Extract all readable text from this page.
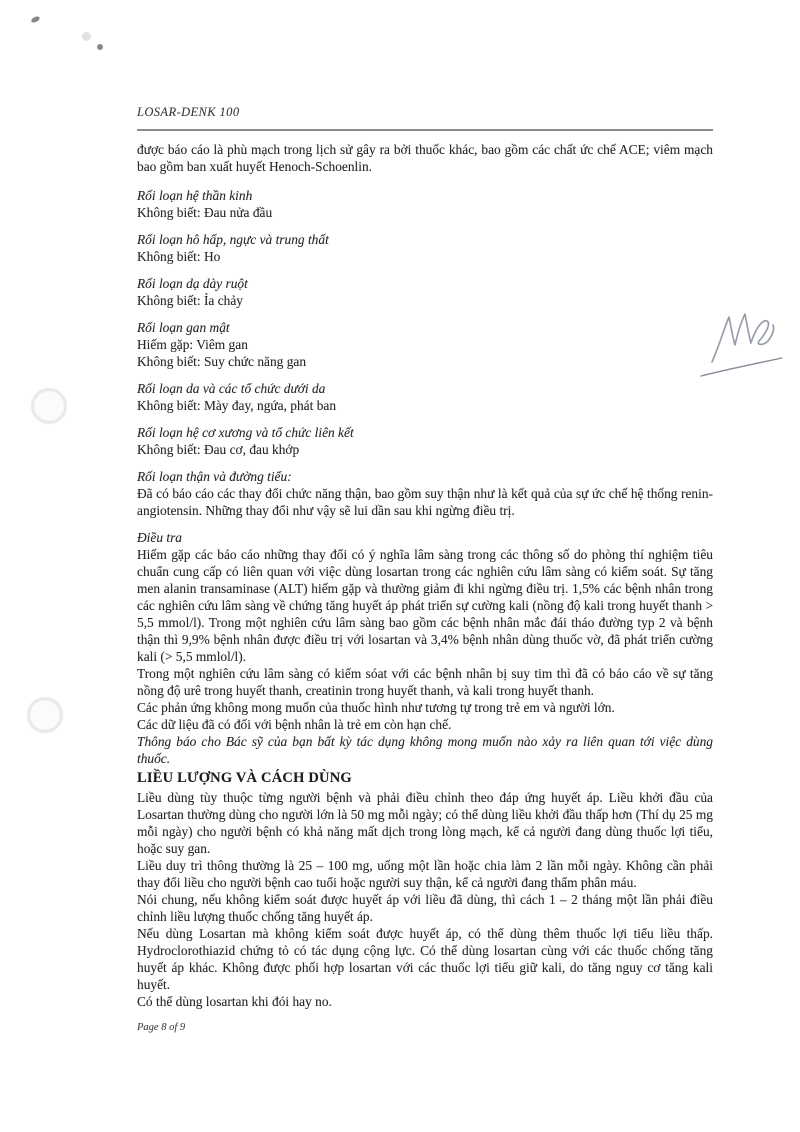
LOSAR-DENK 100

được báo cáo là phù mạch trong lịch sử gây ra bởi thuốc khác, bao gồm các chất ức chế ACE; viêm mạch bao gồm ban xuất huyết Henoch-Schoenlin.

Rối loạn hệ thần kinh
Không biết: Đau nửa đầu
Rối loạn hô hấp, ngực và trung thất
Không biết: Ho
Rối loạn dạ dày ruột
Không biết: Ỉa chảy
Rối loạn gan mật
Hiếm gặp: Viêm gan
Không biết: Suy chức năng gan
Rối loạn da và các tổ chức dưới da
Không biết: Mày đay, ngứa, phát ban
Rối loạn hệ cơ xương và tổ chức liên kết
Không biết: Đau cơ, đau khớp
Rối loạn thận và đường tiểu:

Đã có báo cáo các thay đổi chức năng thận, bao gồm suy thận như là kết quả của sự ức chế hệ thống renin-angiotensin. Những thay đổi như vậy sẽ lui dần sau khi ngừng điều trị.

Điều tra

Hiếm gặp các báo cáo những thay đổi có ý nghĩa lâm sàng trong các thông số do phòng thí nghiệm tiêu chuẩn cung cấp có liên quan với việc dùng losartan trong các nghiên cứu lâm sàng có kiểm soát. Sự tăng men alanin transaminase (ALT) hiếm gặp và thường giảm đi khi ngừng điều trị. 1,5% các bệnh nhân trong các nghiên cứu lâm sàng về chứng tăng huyết áp phát triển sự cường kali (nồng độ kali trong huyết thanh > 5,5 mmol/l). Trong một nghiên cứu lâm sàng bao gồm các bệnh nhân mắc đái tháo đường typ 2 và bệnh thận thì 9,9% bệnh nhân được điều trị với losartan và 3,4% bệnh nhân dùng thuốc vờ, đã phát triển cường kali (> 5,5 mmlol/l).

Trong một nghiên cứu lâm sàng có kiểm sóat với các bệnh nhân bị suy tim thì đã có báo cáo về sự tăng nồng độ urê trong huyết thanh, creatinin trong huyết thanh, và kali trong huyết thanh.

Các phản ứng không mong muốn của thuốc hình như tương tự trong trẻ em và người lớn.

Các dữ liệu đã có đối với bệnh nhân là trẻ em còn hạn chế.

Thông báo cho Bác sỹ của bạn bất kỳ tác dụng không mong muốn nào xảy ra liên quan tới việc dùng thuốc.

LIỀU LƯỢNG VÀ CÁCH DÙNG

Liều dùng tùy thuộc từng người bệnh và phải điều chỉnh theo đáp ứng huyết áp. Liều khởi đầu của Losartan thường dùng cho người lớn là 50 mg mỗi ngày; có thể dùng liều khởi đầu thấp hơn (Thí dụ 25 mg mỗi ngày) cho người bệnh có khả năng mất dịch trong lòng mạch, kể cả người đang dùng thuốc lợi tiểu, hoặc suy gan.

Liều duy trì thông thường là 25 – 100 mg, uống một lần hoặc chia làm 2 lần mỗi ngày. Không cần phải thay đổi liều cho người bệnh cao tuổi hoặc người suy thận, kể cả người đang thẩm phân máu.

Nói chung, nếu không kiểm soát được huyết áp với liều đã dùng, thì cách 1 – 2 tháng một lần phải điều chỉnh liều lượng thuốc chống tăng huyết áp.

Nếu dùng Losartan mà không kiểm soát được huyết áp, có thể dùng thêm thuốc lợi tiểu liều thấp. Hydroclorothiazid chứng tỏ có tác dụng cộng lực. Có thể dùng losartan cùng với các thuốc chống tăng huyết áp khác. Không được phối hợp losartan với các thuốc lợi tiểu giữ kali, do tăng nguy cơ tăng kali huyết.

Có thể dùng losartan khi đói hay no.

Page 8 of 9
